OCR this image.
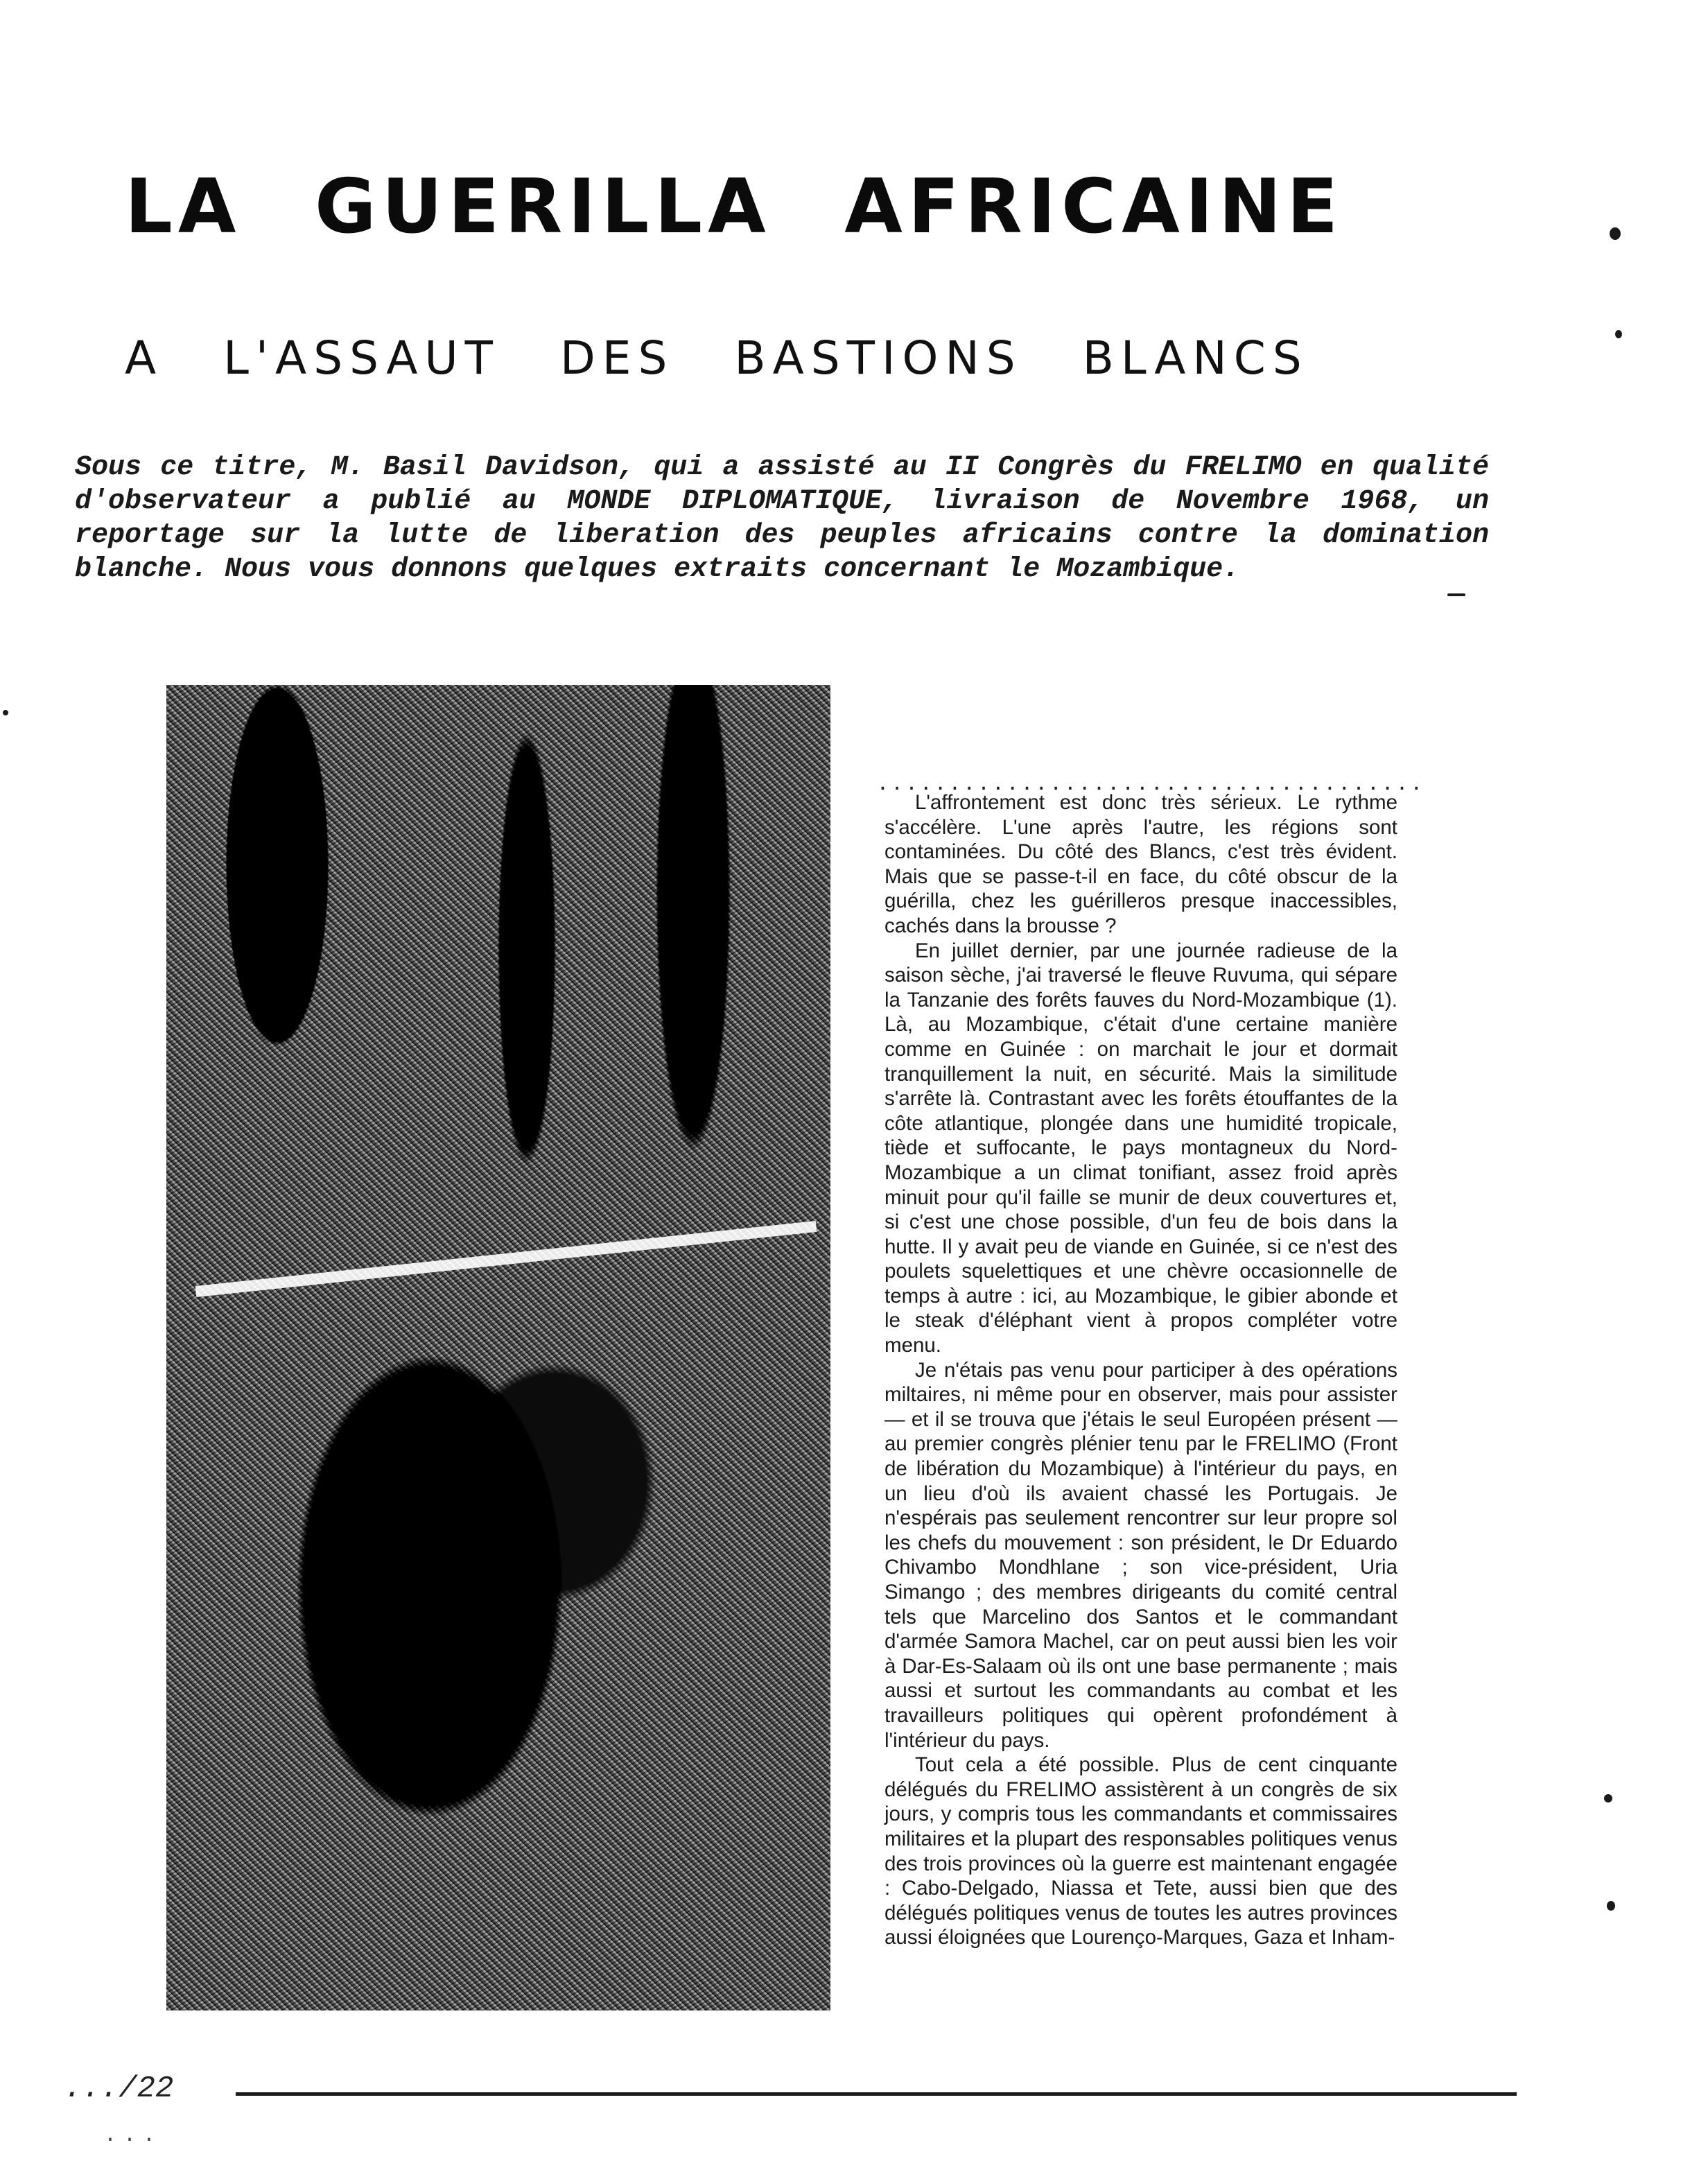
LA GUERILLA AFRICAINE
A L'ASSAUT DES BASTIONS BLANCS

Sous ce titre, M. Basil Davidson, qui a assisté au II Congrès du FRELIMO en qualité d'observateur a publié au MONDE DIPLOMATIQUE, livraison de Novembre 1968, un reportage sur la lutte de liberation des peuples africains contre la domination blanche. Nous vous donnons quelques extraits concernant le Mozambique.

......................................

L'affrontement est donc très sérieux. Le rythme s'accélère. L'une après l'autre, les régions sont contaminées. Du côté des Blancs, c'est très évident. Mais que se passe-t-il en face, du côté obscur de la guérilla, chez les guérilleros presque inaccessibles, cachés dans la brousse ?

En juillet dernier, par une journée radieuse de la saison sèche, j'ai traversé le fleuve Ruvuma, qui sépare la Tanzanie des forêts fauves du Nord-Mozambique (1). Là, au Mozambique, c'était d'une certaine manière comme en Guinée : on marchait le jour et dormait tranquillement la nuit, en sécurité. Mais la similitude s'arrête là. Contrastant avec les forêts étouffantes de la côte atlantique, plongée dans une humidité tropicale, tiède et suffocante, le pays montagneux du Nord-Mozambique a un climat tonifiant, assez froid après minuit pour qu'il faille se munir de deux couvertures et, si c'est une chose possible, d'un feu de bois dans la hutte. Il y avait peu de viande en Guinée, si ce n'est des poulets squelettiques et une chèvre occasionnelle de temps à autre : ici, au Mozambique, le gibier abonde et le steak d'éléphant vient à propos compléter votre menu.

Je n'étais pas venu pour participer à des opérations miltaires, ni même pour en observer, mais pour assister — et il se trouva que j'étais le seul Européen présent — au premier congrès plénier tenu par le FRELIMO (Front de libération du Mozambique) à l'intérieur du pays, en un lieu d'où ils avaient chassé les Portugais. Je n'espérais pas seulement rencontrer sur leur propre sol les chefs du mouvement : son président, le Dr Eduardo Chivambo Mondhlane ; son vice-président, Uria Simango ; des membres dirigeants du comité central tels que Marcelino dos Santos et le commandant d'armée Samora Machel, car on peut aussi bien les voir à Dar-Es-Salaam où ils ont une base permanente ; mais aussi et surtout les commandants au combat et les travailleurs politiques qui opèrent profondément à l'intérieur du pays.

Tout cela a été possible. Plus de cent cinquante délégués du FRELIMO assistèrent à un congrès de six jours, y compris tous les commandants et commissaires militaires et la plupart des responsables politiques venus des trois provinces où la guerre est maintenant engagée : Cabo-Delgado, Niassa et Tete, aussi bien que des délégués politiques venus de toutes les autres provinces aussi éloignées que Lourenço-Marques, Gaza et Inham-

.../22
...
